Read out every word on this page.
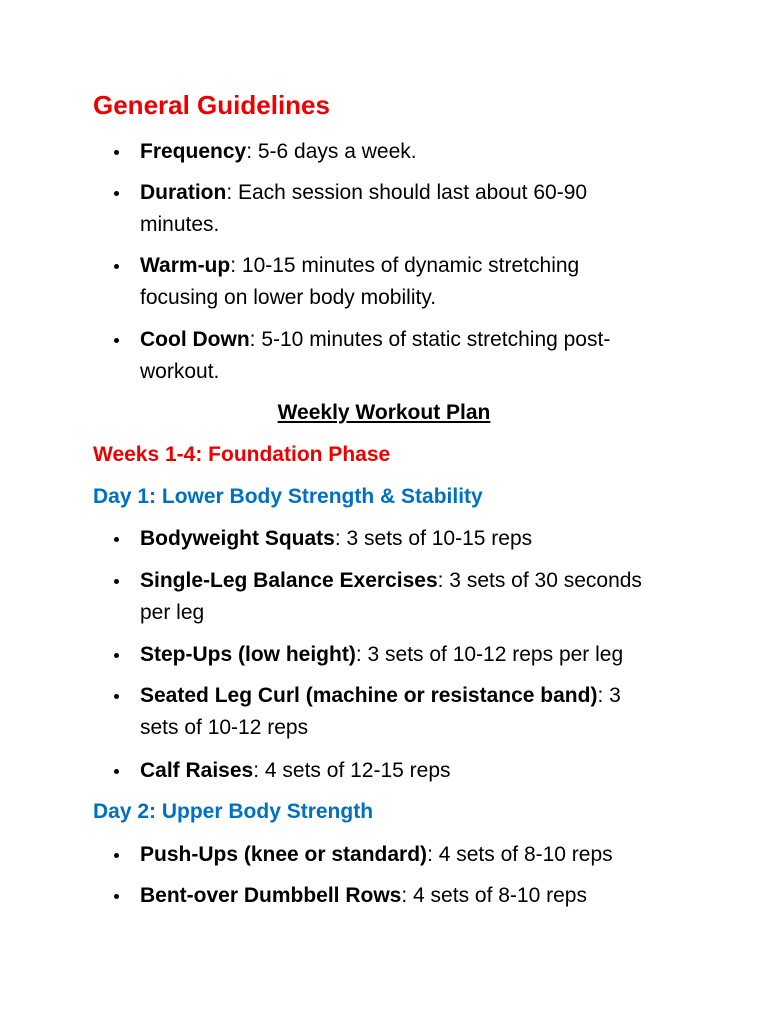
General Guidelines
Frequency: 5-6 days a week.
Duration: Each session should last about 60-90 minutes.
Warm-up: 10-15 minutes of dynamic stretching focusing on lower body mobility.
Cool Down: 5-10 minutes of static stretching post-workout.
Weekly Workout Plan
Weeks 1-4: Foundation Phase
Day 1: Lower Body Strength & Stability
Bodyweight Squats: 3 sets of 10-15 reps
Single-Leg Balance Exercises: 3 sets of 30 seconds per leg
Step-Ups (low height): 3 sets of 10-12 reps per leg
Seated Leg Curl (machine or resistance band): 3 sets of 10-12 reps
Calf Raises: 4 sets of 12-15 reps
Day 2: Upper Body Strength
Push-Ups (knee or standard): 4 sets of 8-10 reps
Bent-over Dumbbell Rows: 4 sets of 8-10 reps
